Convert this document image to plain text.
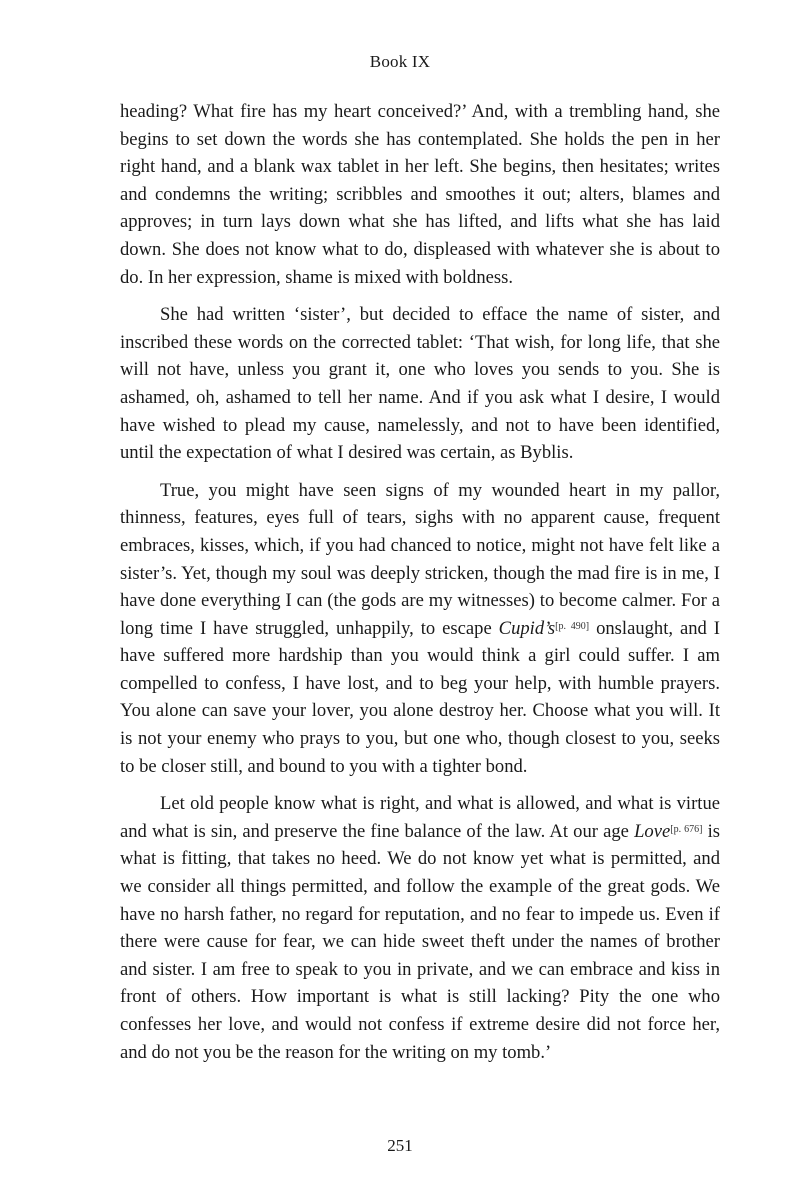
Book IX

heading? What fire has my heart conceived?’ And, with a trembling hand, she begins to set down the words she has contemplated. She holds the pen in her right hand, and a blank wax tablet in her left. She begins, then hesitates; writes and condemns the writing; scribbles and smoothes it out; alters, blames and approves; in turn lays down what she has lifted, and lifts what she has laid down. She does not know what to do, displeased with whatever she is about to do. In her expression, shame is mixed with boldness.

She had written ‘sister’, but decided to efface the name of sister, and inscribed these words on the corrected tablet: ‘That wish, for long life, that she will not have, unless you grant it, one who loves you sends to you. She is ashamed, oh, ashamed to tell her name. And if you ask what I desire, I would have wished to plead my cause, namelessly, and not to have been identified, until the expectation of what I desired was certain, as Byblis.

True, you might have seen signs of my wounded heart in my pallor, thinness, features, eyes full of tears, sighs with no apparent cause, frequent embraces, kisses, which, if you had chanced to notice, might not have felt like a sister’s. Yet, though my soul was deeply stricken, though the mad fire is in me, I have done everything I can (the gods are my witnesses) to become calmer. For a long time I have struggled, unhappily, to escape Cupid’s[p. 490] onslaught, and I have suffered more hardship than you would think a girl could suffer. I am compelled to confess, I have lost, and to beg your help, with humble prayers. You alone can save your lover, you alone destroy her. Choose what you will. It is not your enemy who prays to you, but one who, though closest to you, seeks to be closer still, and bound to you with a tighter bond.

Let old people know what is right, and what is allowed, and what is virtue and what is sin, and preserve the fine balance of the law. At our age Love[p. 676] is what is fitting, that takes no heed. We do not know yet what is permitted, and we consider all things permitted, and follow the example of the great gods. We have no harsh father, no regard for reputation, and no fear to impede us. Even if there were cause for fear, we can hide sweet theft under the names of brother and sister. I am free to speak to you in private, and we can embrace and kiss in front of others. How important is what is still lacking? Pity the one who confesses her love, and would not confess if extreme desire did not force her, and do not you be the reason for the writing on my tomb.’

251
